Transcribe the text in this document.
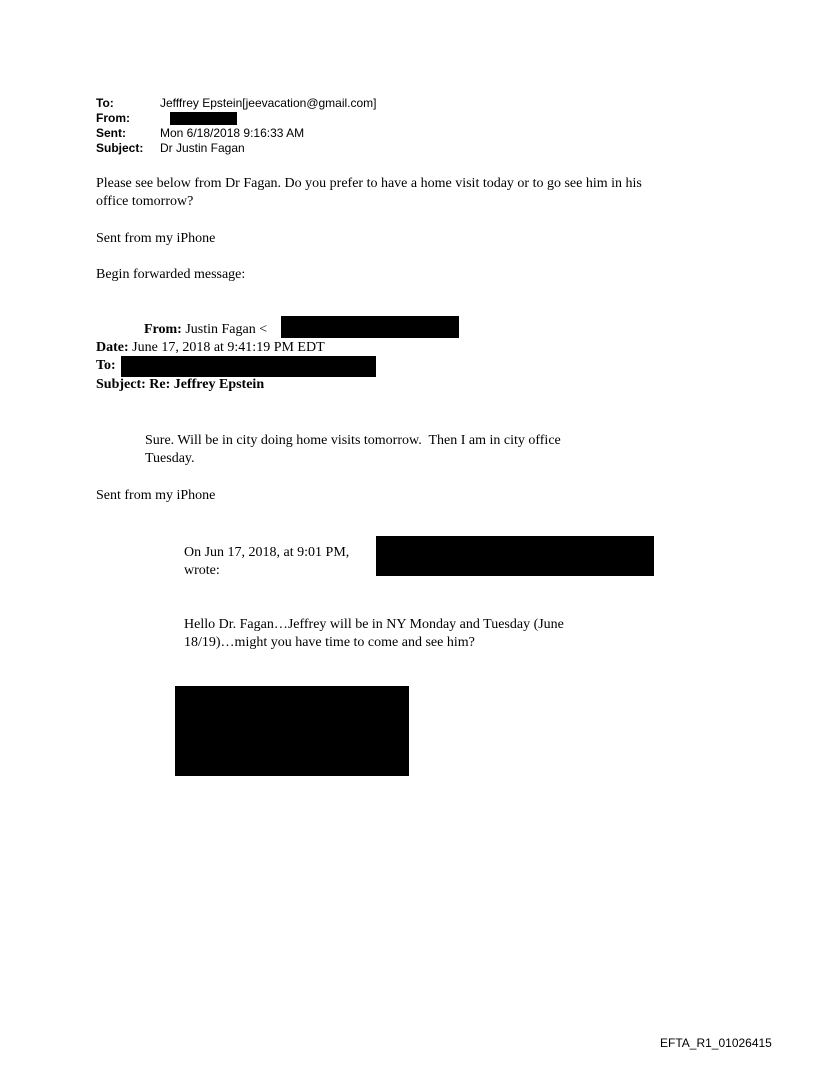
To:	Jefffrey Epstein[jeevacation@gmail.com]
From:
Sent:	Mon 6/18/2018 9:16:33 AM
Subject: Dr Justin Fagan
Please see below from Dr Fagan. Do you prefer to have a home visit today or to go see him in his
office tomorrow?
Sent from my iPhone
Begin forwarded message:
From: Justin Fagan <
Date: June 17, 2018 at 9:41:19 PM EDT
To:
Subject: Re: Jeffrey Epstein
Sure. Will be in city doing home visits tomorrow.  Then I am in city office
Tuesday.
Sent from my iPhone
On Jun 17, 2018, at 9:01 PM,
wrote:
Hello Dr. Fagan…Jeffrey will be in NY Monday and Tuesday (June
18/19)…might you have time to come and see him?
EFTA_R1_01026415
